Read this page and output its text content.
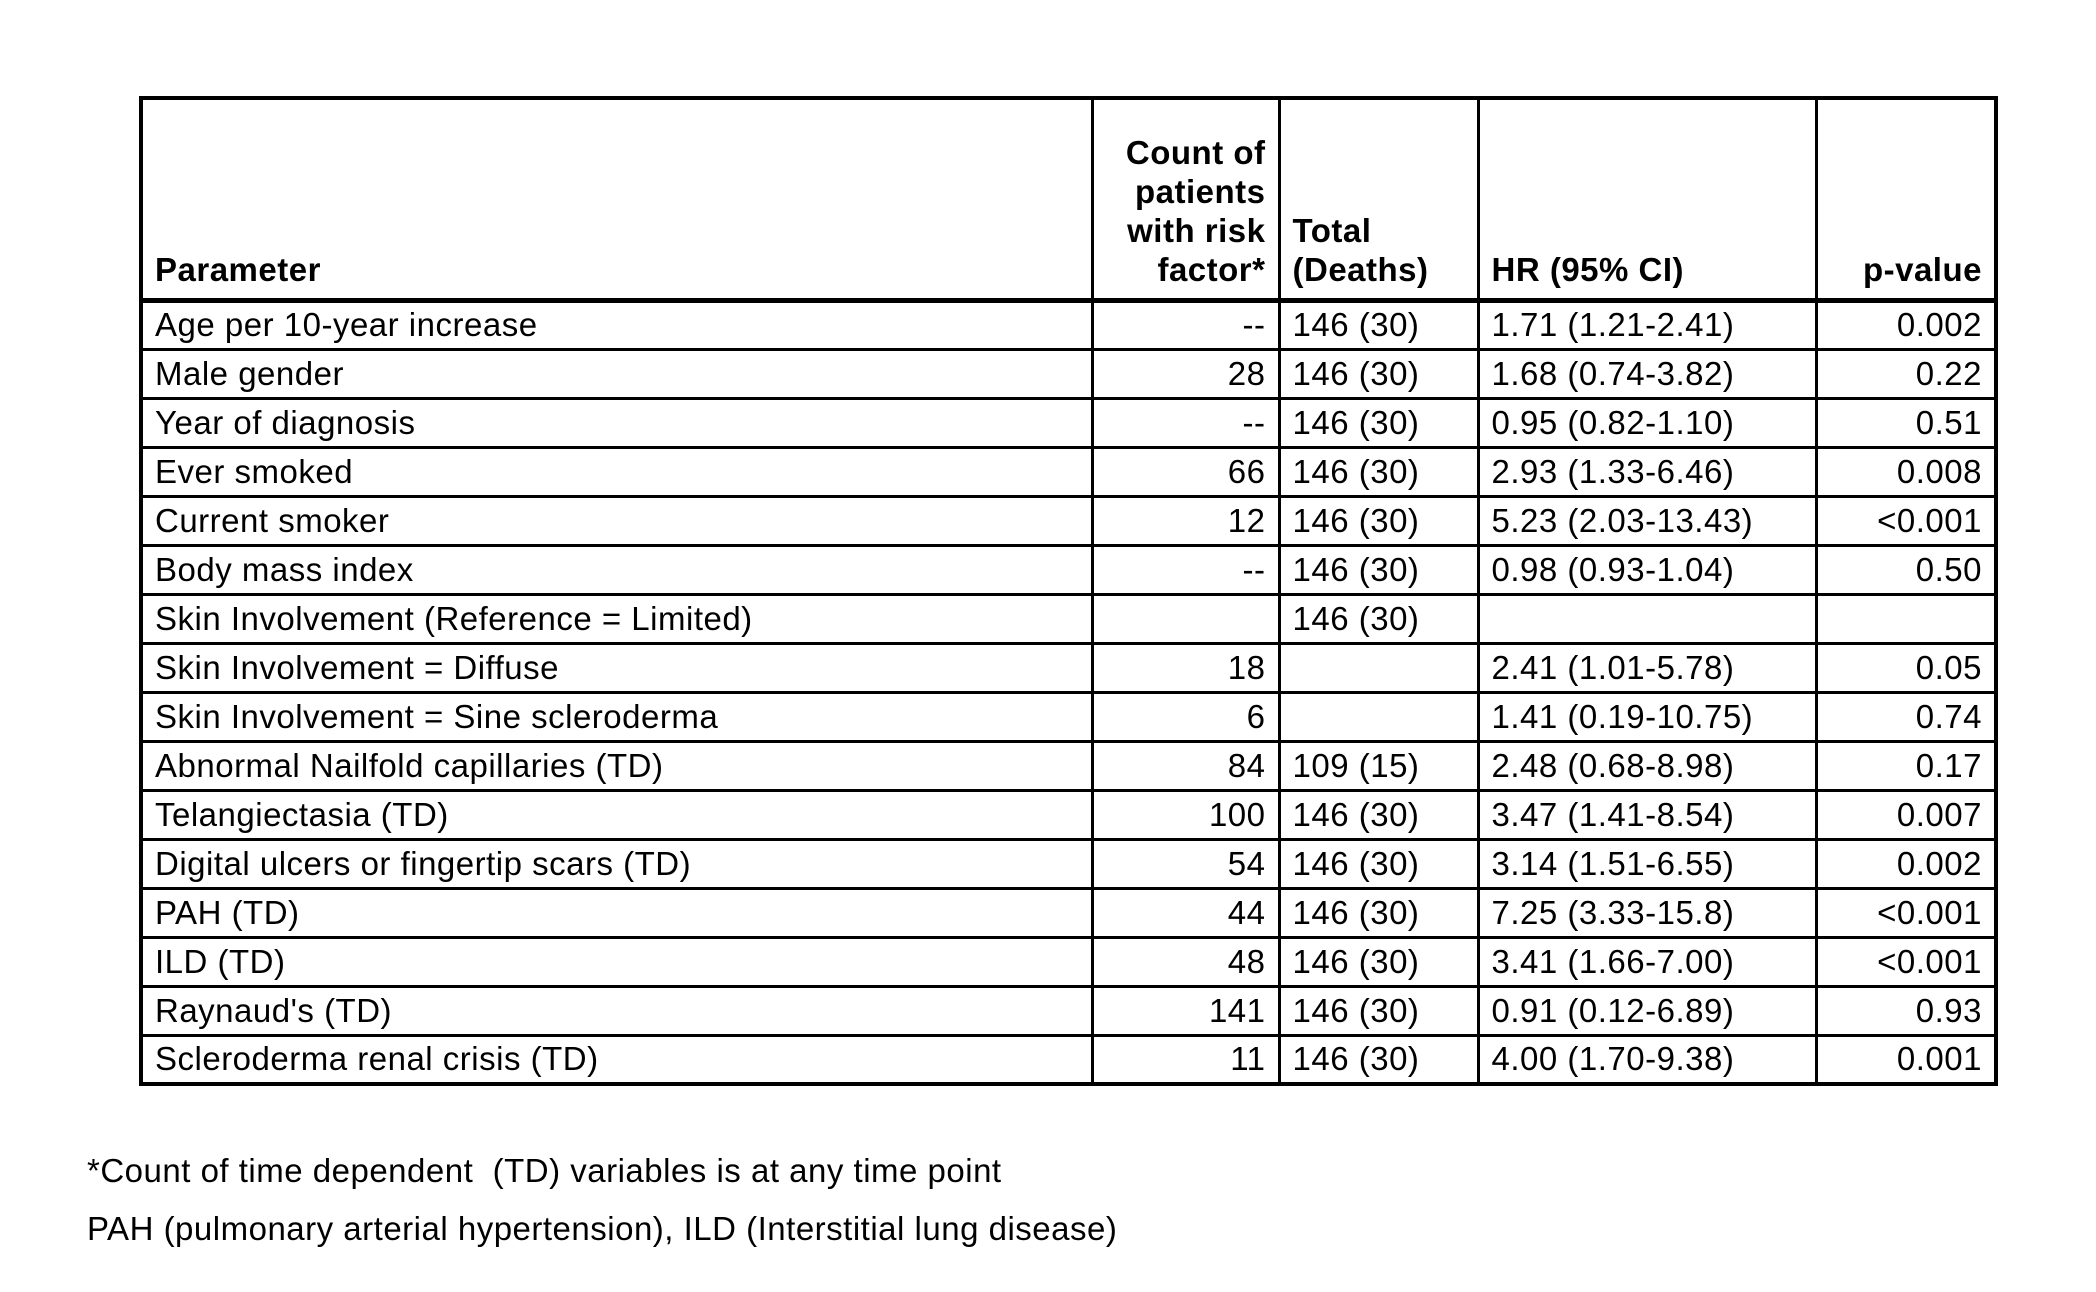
Parameter	Count of patients with risk factor*	Total (Deaths)	HR (95% CI)	p-value
Age per 10-year increase	--	146 (30)	1.71 (1.21-2.41)	0.002
Male gender	28	146 (30)	1.68 (0.74-3.82)	0.22
Year of diagnosis	--	146 (30)	0.95 (0.82-1.10)	0.51
Ever smoked	66	146 (30)	2.93 (1.33-6.46)	0.008
Current smoker	12	146 (30)	5.23 (2.03-13.43)	<0.001
Body mass index	--	146 (30)	0.98 (0.93-1.04)	0.50
Skin Involvement (Reference = Limited)		146 (30)		
Skin Involvement = Diffuse	18		2.41 (1.01-5.78)	0.05
Skin Involvement = Sine scleroderma	6		1.41 (0.19-10.75)	0.74
Abnormal Nailfold capillaries (TD)	84	109 (15)	2.48 (0.68-8.98)	0.17
Telangiectasia (TD)	100	146 (30)	3.47 (1.41-8.54)	0.007
Digital ulcers or fingertip scars (TD)	54	146 (30)	3.14 (1.51-6.55)	0.002
PAH (TD)	44	146 (30)	7.25 (3.33-15.8)	<0.001
ILD (TD)	48	146 (30)	3.41 (1.66-7.00)	<0.001
Raynaud's (TD)	141	146 (30)	0.91 (0.12-6.89)	0.93
Scleroderma renal crisis (TD)	11	146 (30)	4.00 (1.70-9.38)	0.001
*Count of time dependent  (TD) variables is at any time point
PAH (pulmonary arterial hypertension), ILD (Interstitial lung disease)
